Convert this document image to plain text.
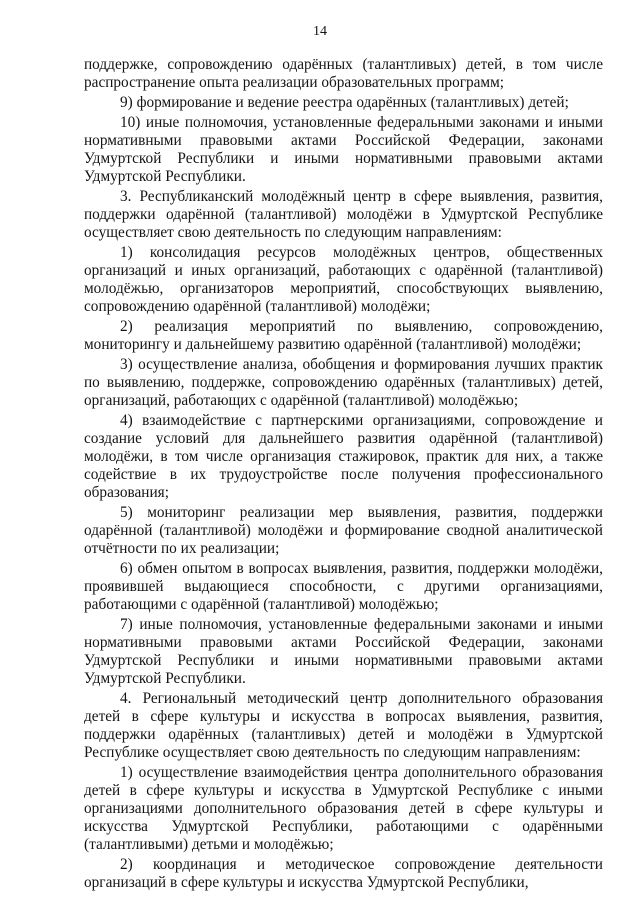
14

поддержке, сопровождению одарённых (талантливых) детей, в том числе распространение опыта реализации образовательных программ;

9) формирование и ведение реестра одарённых (талантливых) детей;

10) иные полномочия, установленные федеральными законами и иными нормативными правовыми актами Российской Федерации, законами Удмуртской Республики и иными нормативными правовыми актами Удмуртской Республики.

3. Республиканский молодёжный центр в сфере выявления, развития, поддержки одарённой (талантливой) молодёжи в Удмуртской Республике осуществляет свою деятельность по следующим направлениям:

1) консолидация ресурсов молодёжных центров, общественных организаций и иных организаций, работающих с одарённой (талантливой) молодёжью, организаторов мероприятий, способствующих выявлению, сопровождению одарённой (талантливой) молодёжи;

2) реализация мероприятий по выявлению, сопровождению, мониторингу и дальнейшему развитию одарённой (талантливой) молодёжи;

3) осуществление анализа, обобщения и формирования лучших практик по выявлению, поддержке, сопровождению одарённых (талантливых) детей, организаций, работающих с одарённой (талантливой) молодёжью;

4) взаимодействие с партнерскими организациями, сопровождение и создание условий для дальнейшего развития одарённой (талантливой) молодёжи, в том числе организация стажировок, практик для них, а также содействие в их трудоустройстве после получения профессионального образования;

5) мониторинг реализации мер выявления, развития, поддержки одарённой (талантливой) молодёжи и формирование сводной аналитической отчётности по их реализации;

6) обмен опытом в вопросах выявления, развития, поддержки молодёжи, проявившей выдающиеся способности, с другими организациями, работающими с одарённой (талантливой) молодёжью;

7) иные полномочия, установленные федеральными законами и иными нормативными правовыми актами Российской Федерации, законами Удмуртской Республики и иными нормативными правовыми актами Удмуртской Республики.

4. Региональный методический центр дополнительного образования детей в сфере культуры и искусства в вопросах выявления, развития, поддержки одарённых (талантливых) детей и молодёжи в Удмуртской Республике осуществляет свою деятельность по следующим направлениям:

1) осуществление взаимодействия центра дополнительного образования детей в сфере культуры и искусства в Удмуртской Республике с иными организациями дополнительного образования детей в сфере культуры и искусства Удмуртской Республики, работающими с одарёнными (талантливыми) детьми и молодёжью;

2) координация и методическое сопровождение деятельности организаций в сфере культуры и искусства Удмуртской Республики,
